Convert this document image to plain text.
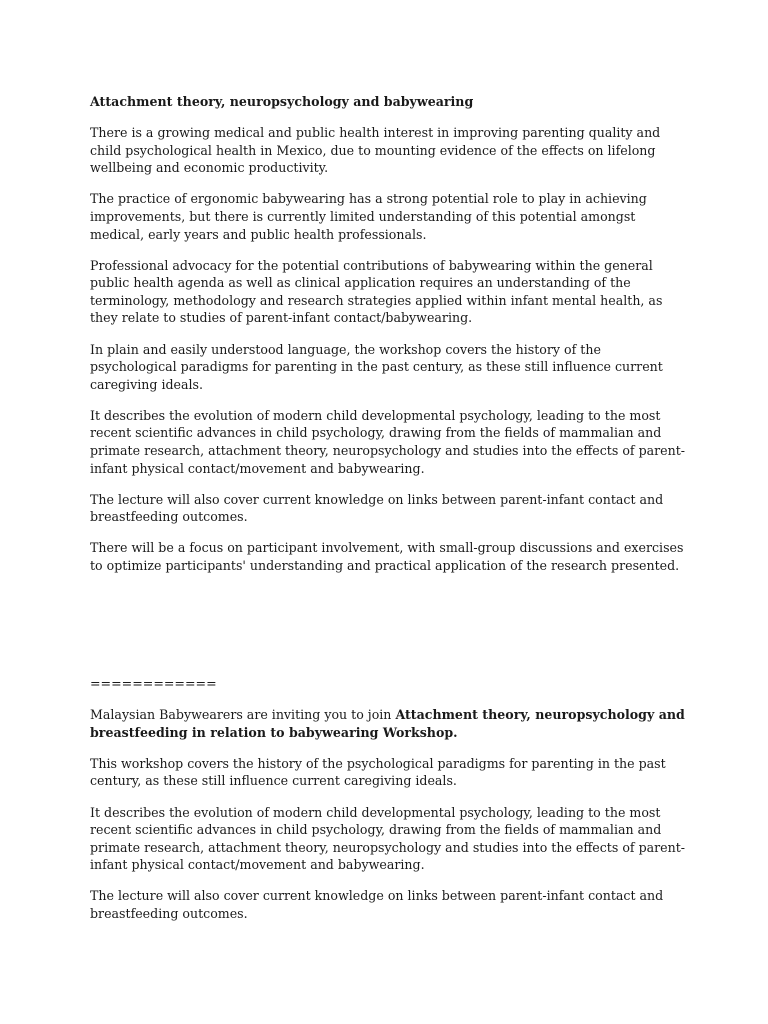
Attachment theory, neuropsychology and babywearing

There is a growing medical and public health interest in improving parenting quality and child psychological health in Mexico, due to mounting evidence of the effects on lifelong wellbeing and economic productivity.

The practice of ergonomic babywearing has a strong potential role to play in achieving improvements, but there is currently limited understanding of this potential amongst medical, early years and public health professionals.

Professional advocacy for the potential contributions of babywearing within the general public health agenda as well as clinical application requires an understanding of the terminology, methodology and research strategies applied within infant mental health, as they relate to studies of parent-infant contact/babywearing.

In plain and easily understood language, the workshop covers the history of the psychological paradigms for parenting in the past century, as these still influence current caregiving ideals.

It describes the evolution of modern child developmental psychology, leading to the most recent scientific advances in child psychology, drawing from the fields of mammalian and primate research, attachment theory, neuropsychology and studies into the effects of parent-infant physical contact/movement and babywearing.

The lecture will also cover current knowledge on links between parent-infant contact and breastfeeding outcomes.

There will be a focus on participant involvement, with small-group discussions and exercises to optimize participants' understanding and practical application of the research presented.

============

Malaysian Babywearers are inviting you to join Attachment theory, neuropsychology and breastfeeding in relation to babywearing Workshop.

This workshop covers the history of the psychological paradigms for parenting in the past century, as these still influence current caregiving ideals.

It describes the evolution of modern child developmental psychology, leading to the most recent scientific advances in child psychology, drawing from the fields of mammalian and primate research, attachment theory, neuropsychology and studies into the effects of parent-infant physical contact/movement and babywearing.

The lecture will also cover current knowledge on links between parent-infant contact and breastfeeding outcomes.
